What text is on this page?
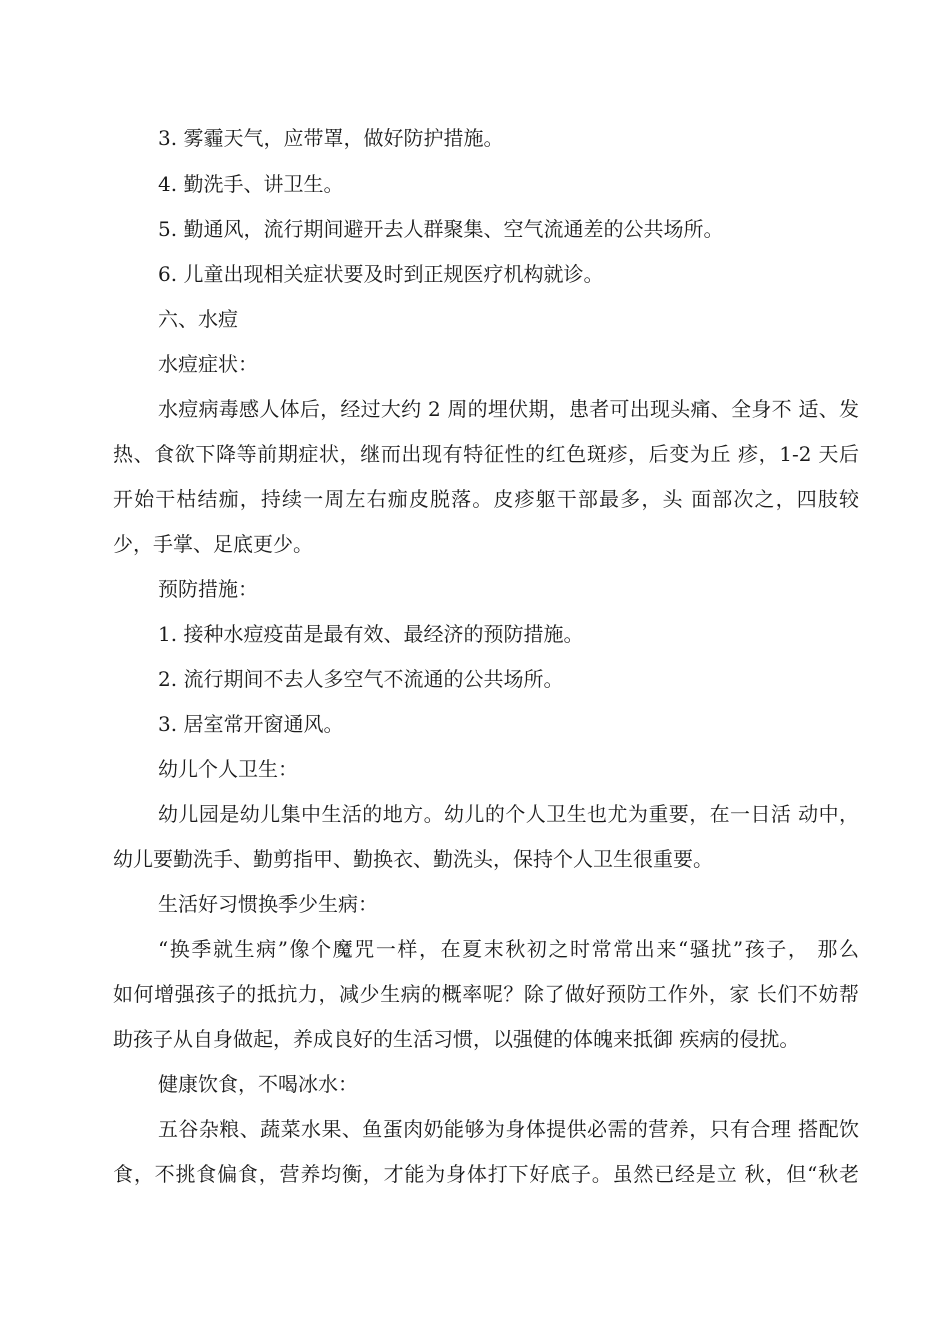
3. 雾霾天气，应带罩，做好防护措施。

4. 勤洗手、讲卫生。

5. 勤通风，流行期间避开去人群聚集、空气流通差的公共场所。

6. 儿童出现相关症状要及时到正规医疗机构就诊。

六、水痘

水痘症状：

水痘病毒感人体后，经过大约 2 周的埋伏期，患者可出现头痛、全身不 适、发

热、食欲下降等前期症状，继而出现有特征性的红色斑疹，后变为丘 疹，1-2 天后

开始干枯结痂，持续一周左右痂皮脱落。皮疹躯干部最多，头 面部次之，四肢较

少，手掌、足底更少。

预防措施：

1. 接种水痘疫苗是最有效、最经济的预防措施。

2. 流行期间不去人多空气不流通的公共场所。

3. 居室常开窗通风。

幼儿个人卫生：

幼儿园是幼儿集中生活的地方。幼儿的个人卫生也尤为重要，在一日活 动中，

幼儿要勤洗手、勤剪指甲、勤换衣、勤洗头，保持个人卫生很重要。

生活好习惯换季少生病：

“换季就生病”像个魔咒一样，在夏末秋初之时常常出来“骚扰”孩子， 那么

如何增强孩子的抵抗力，减少生病的概率呢？除了做好预防工作外，家 长们不妨帮

助孩子从自身做起，养成良好的生活习惯，以强健的体魄来抵御 疾病的侵扰。

健康饮食，不喝冰水：

五谷杂粮、蔬菜水果、鱼蛋肉奶能够为身体提供必需的营养，只有合理 搭配饮

食，不挑食偏食，营养均衡，才能为身体打下好底子。虽然已经是立 秋，但“秋老
